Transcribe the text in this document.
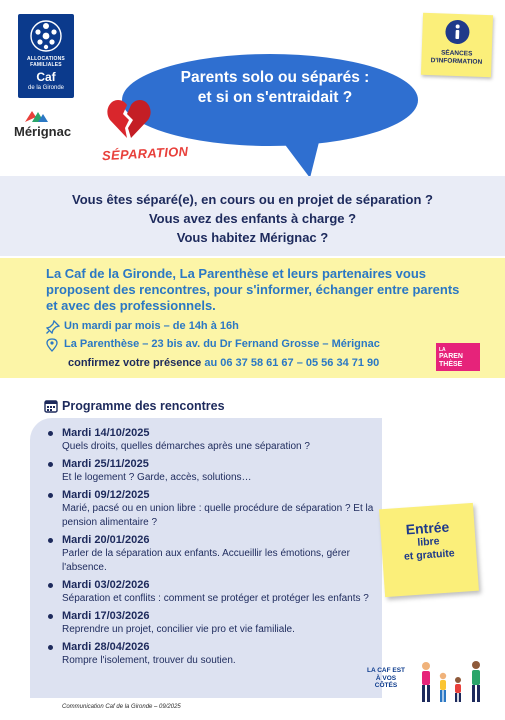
ALLOCATIONS FAMILIALES
Caf
de la Gironde
Mérignac
SÉANCES D'INFORMATION
Parents solo ou séparés :
et si on s'entraidait ?
SÉPARATION

Vous êtes séparé(e), en cours ou en projet de séparation ?

Vous avez des enfants à charge ?

Vous habitez Mérignac ?

La Caf de la Gironde, La Parenthèse et leurs partenaires vous proposent des rencontres, pour s'informer, échanger entre parents et avec des professionnels.
Un mardi par mois – de 14h à 16h
La Parenthèse – 23 bis av. du Dr Fernand Grosse – Mérignac
confirmez votre présence au 06 37 58 61 67 – 05 56 34 71 90
LA
PAREN THÈSE
Programme des rencontres
Mardi 14/10/2025
Quels droits, quelles démarches après une séparation ?
Mardi 25/11/2025
Et le logement ? Garde, accès, solutions…
Mardi 09/12/2025
Marié, pacsé ou en union libre : quelle procédure de séparation ? Et la pension alimentaire ?
Mardi 20/01/2026
Parler de la séparation aux enfants. Accueillir les émotions, gérer l'absence.
Mardi 03/02/2026
Séparation et conflits : comment se protéger et protéger les enfants ?
Mardi 17/03/2026
Reprendre un projet, concilier vie pro et vie familiale.
Mardi 28/04/2026
Rompre l'isolement, trouver du soutien.
Entrée
libre
et gratuite
LA CAF EST À VOS CÔTÉS
Communication Caf de la Gironde – 09/2025
